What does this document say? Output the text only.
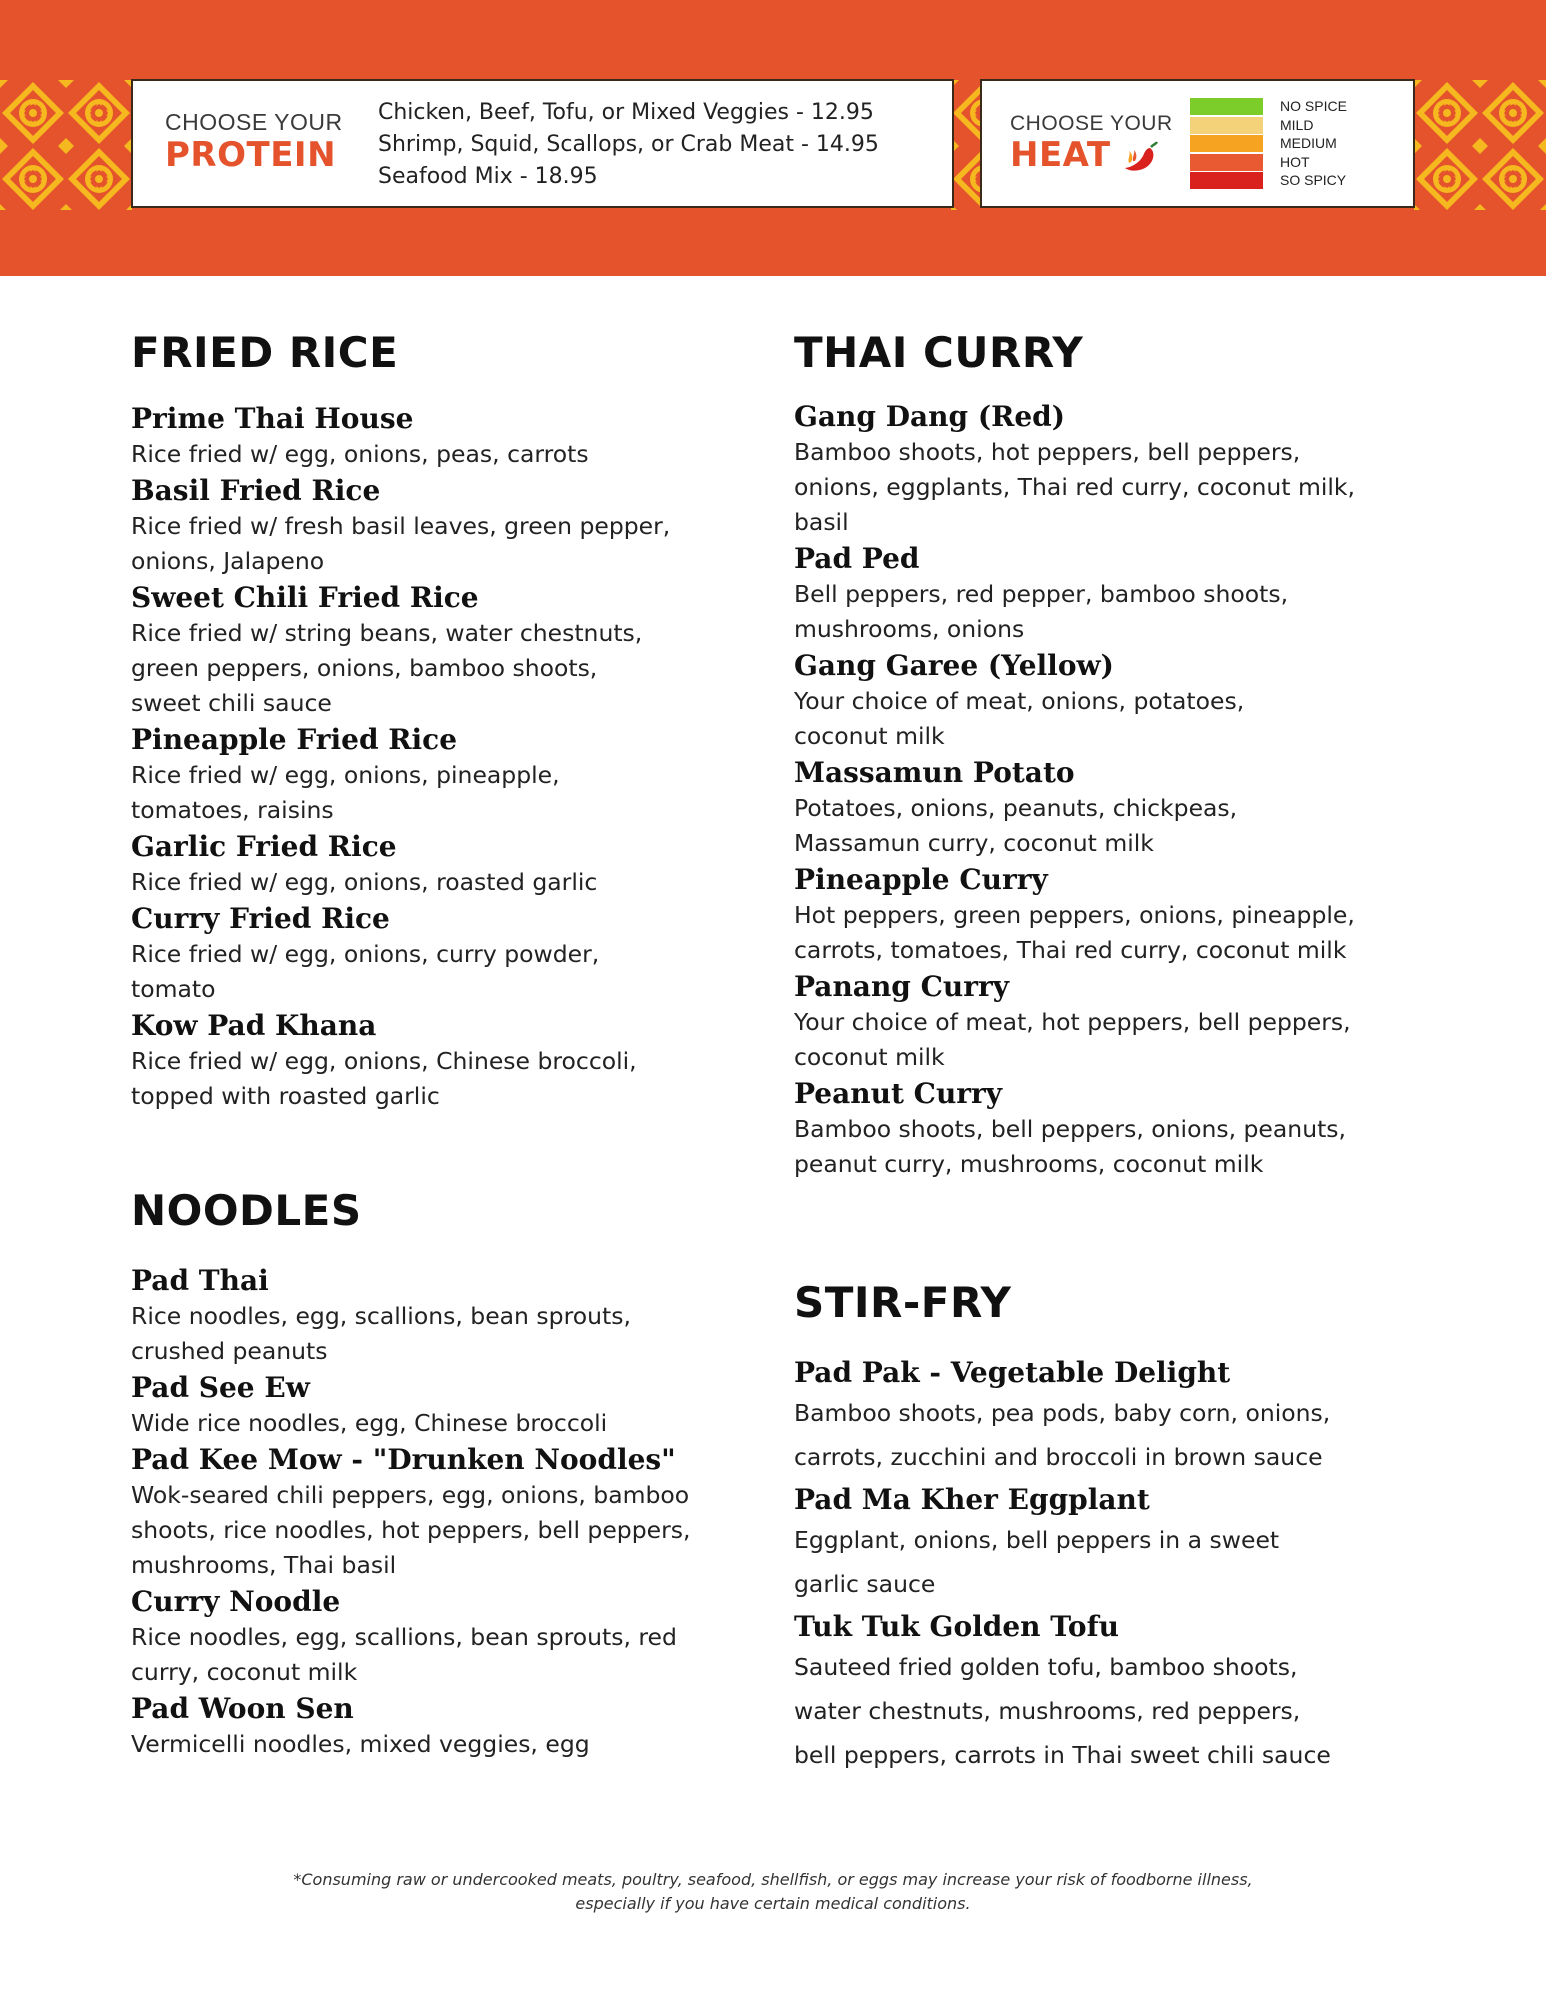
CHOOSE YOUR
PROTEIN
Chicken, Beef, Tofu, or Mixed Veggies - 12.95
Shrimp, Squid, Scallops, or Crab Meat - 14.95
Seafood Mix - 18.95
CHOOSE YOUR
HEAT
NO SPICE
MILD
MEDIUM
HOT
SO SPICY
FRIED RICE
Prime Thai House
Rice fried w/ egg, onions, peas, carrots
Basil Fried Rice
Rice fried w/ fresh basil leaves, green pepper,
onions, Jalapeno
Sweet Chili Fried Rice
Rice fried w/ string beans, water chestnuts,
green peppers, onions, bamboo shoots,
sweet chili sauce
Pineapple Fried Rice
Rice fried w/ egg, onions, pineapple,
tomatoes, raisins
Garlic Fried Rice
Rice fried w/ egg, onions, roasted garlic
Curry Fried Rice
Rice fried w/ egg, onions, curry powder,
tomato
Kow Pad Khana
Rice fried w/ egg, onions, Chinese broccoli,
topped with roasted garlic
NOODLES
Pad Thai
Rice noodles, egg, scallions, bean sprouts,
crushed peanuts
Pad See Ew
Wide rice noodles, egg, Chinese broccoli
Pad Kee Mow - "Drunken Noodles"
Wok-seared chili peppers, egg, onions, bamboo
shoots, rice noodles, hot peppers, bell peppers,
mushrooms, Thai basil
Curry Noodle
Rice noodles, egg, scallions, bean sprouts, red
curry, coconut milk
Pad Woon Sen
Vermicelli noodles, mixed veggies, egg
THAI CURRY
Gang Dang (Red)
Bamboo shoots, hot peppers, bell peppers,
onions, eggplants, Thai red curry, coconut milk,
basil
Pad Ped
Bell peppers, red pepper, bamboo shoots,
mushrooms, onions
Gang Garee (Yellow)
Your choice of meat, onions, potatoes,
coconut milk
Massamun Potato
Potatoes, onions, peanuts, chickpeas,
Massamun curry, coconut milk
Pineapple Curry
Hot peppers, green peppers, onions, pineapple,
carrots, tomatoes, Thai red curry, coconut milk
Panang Curry
Your choice of meat, hot peppers, bell peppers,
coconut milk
Peanut Curry
Bamboo shoots, bell peppers, onions, peanuts,
peanut curry, mushrooms, coconut milk
STIR-FRY
Pad Pak - Vegetable Delight
Bamboo shoots, pea pods, baby corn, onions,
carrots, zucchini and broccoli in brown sauce
Pad Ma Kher Eggplant
Eggplant, onions, bell peppers in a sweet
garlic sauce
Tuk Tuk Golden Tofu
Sauteed fried golden tofu, bamboo shoots,
water chestnuts, mushrooms, red peppers,
bell peppers, carrots in Thai sweet chili sauce
*Consuming raw or undercooked meats, poultry, seafood, shellfish, or eggs may increase your risk of foodborne illness,
especially if you have certain medical conditions.
